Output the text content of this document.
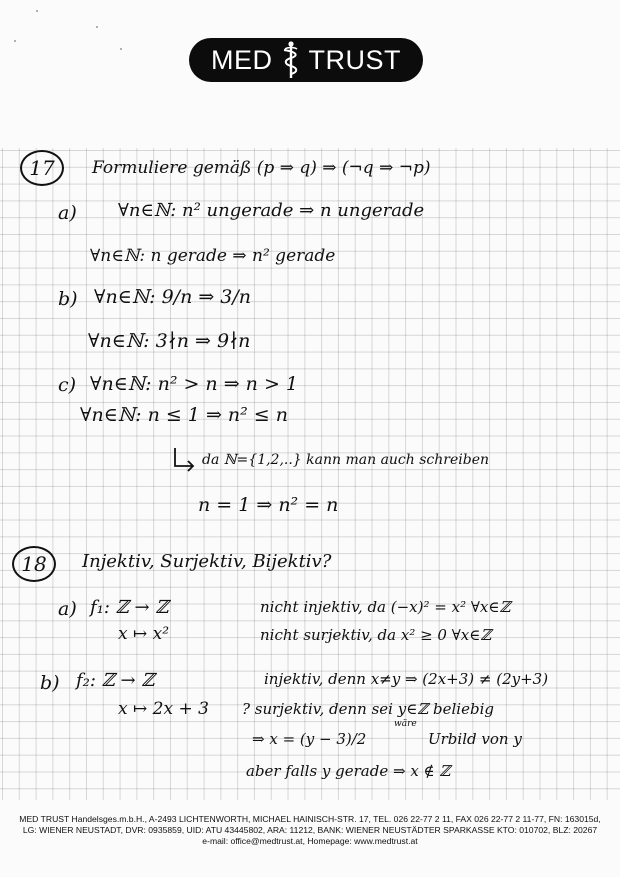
MED TRUST
17	Formuliere gemäß (p ⇒ q) ⇒ (¬q ⇒ ¬p)
a) ∀n∈ℕ: n² ungerade ⇒ n ungerade
∀n∈ℕ: n gerade ⇒ n² gerade
b) ∀n∈ℕ: 9/n ⇒ 3/n
∀n∈ℕ: 3∤n ⇒ 9∤n
c) ∀n∈ℕ: n² > n ⇒ n > 1
∀n∈ℕ: n ≤ 1 ⇒ n² ≤ n
da ℕ={1,2,..} kann man auch schreiben
n = 1 ⇒ n² = n
18	Injektiv, Surjektiv, Bijektiv?
a) f₁: ℤ → ℤ
x ↦ x²
nicht injektiv, da (−x)² = x² ∀x∈ℤ
nicht surjektiv, da x² ≥ 0 ∀x∈ℤ
b) f₂: ℤ → ℤ
x ↦ 2x + 3
injektiv, denn x≠y ⇒ (2x+3) ≠ (2y+3)
? surjektiv, denn sei y∈ℤ beliebig
wäre
⇒ x = (y − 3)/2	Urbild von y
aber falls y gerade ⇒ x ∉ ℤ
MED TRUST Handelsges.m.b.H., A-2493 LICHTENWORTH, MICHAEL HAINISCH-STR. 17, TEL. 026 22-77 2 11, FAX 026 22-77 2 11-77, FN: 163015d,
LG: WIENER NEUSTADT, DVR: 0935859, UID: ATU 43445802, ARA: 11212, BANK: WIENER NEUSTÄDTER SPARKASSE KTO: 010702, BLZ: 20267
e-mail: office@medtrust.at, Homepage: www.medtrust.at
